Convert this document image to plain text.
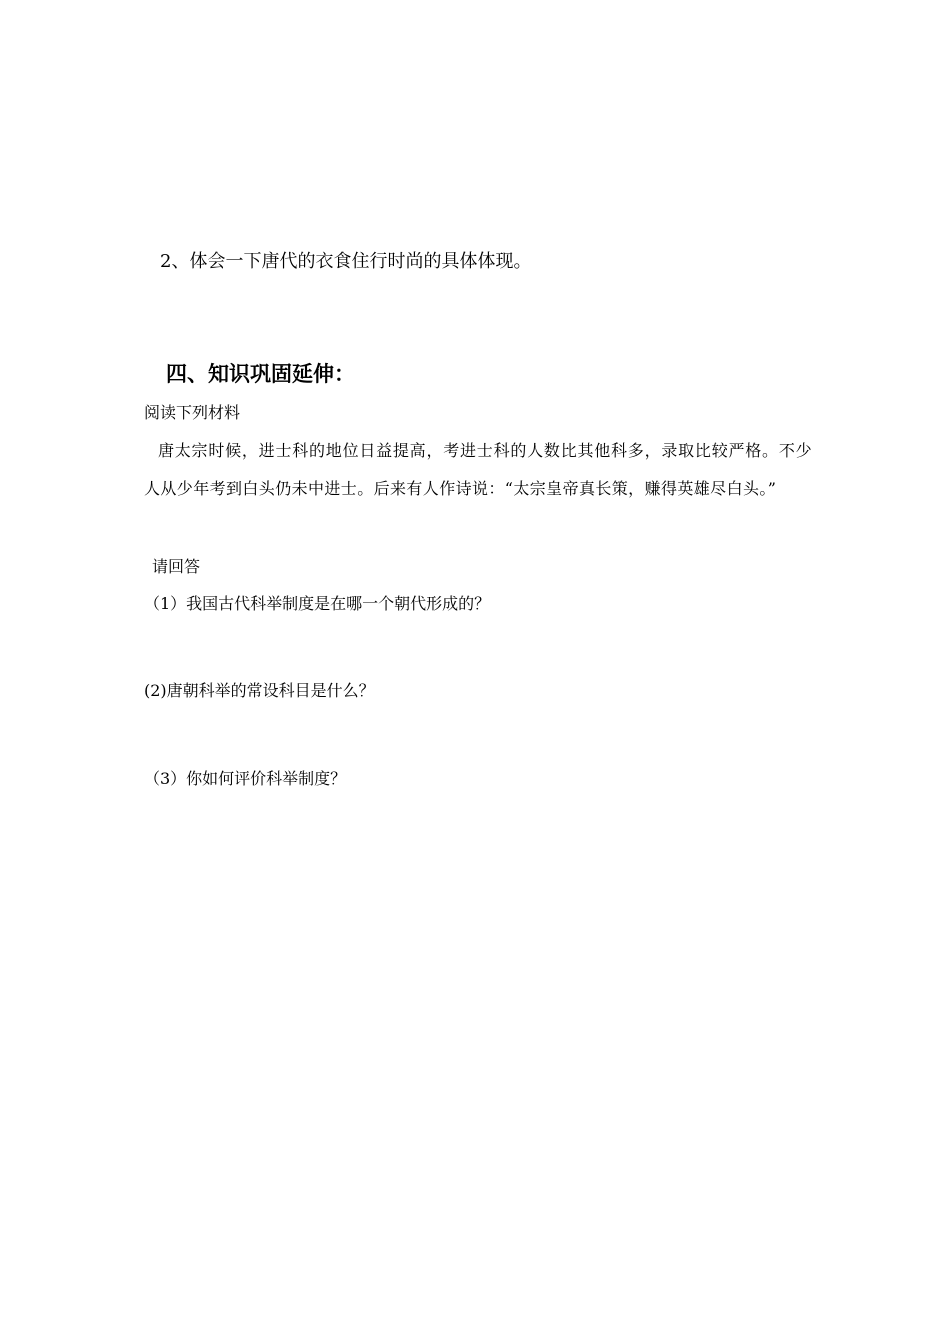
2、体会一下唐代的衣食住行时尚的具体体现。
四、知识巩固延伸：
阅读下列材料
唐太宗时候，进士科的地位日益提高，考进士科的人数比其他科多，录取比较严格。不少人从少年考到白头仍未中进士。后来有人作诗说：“太宗皇帝真长策，赚得英雄尽白头。”
请回答
（1）我国古代科举制度是在哪一个朝代形成的？
(2)唐朝科举的常设科目是什么？
（3）你如何评价科举制度？
